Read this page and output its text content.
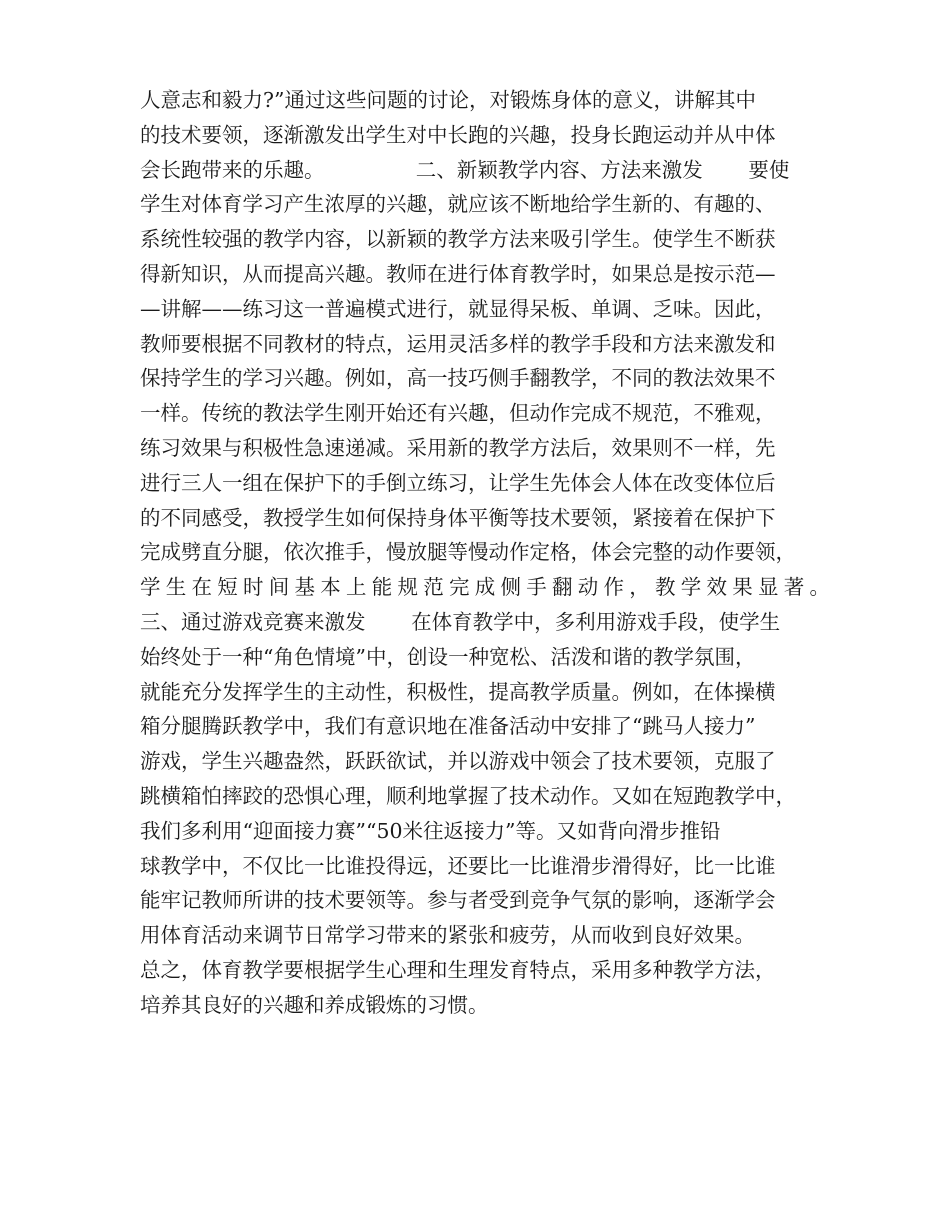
人意志和毅力?”通过这些问题的讨论，对锻炼身体的意义，讲解其中
的技术要领，逐渐激发出学生对中长跑的兴趣，投身长跑运动并从中体
会长跑带来的乐趣。              二、新颖教学内容、方法来激发       要使
学生对体育学习产生浓厚的兴趣，就应该不断地给学生新的、有趣的、
系统性较强的教学内容，以新颖的教学方法来吸引学生。使学生不断获
得新知识，从而提高兴趣。教师在进行体育教学时，如果总是按示范—
—讲解——练习这一普遍模式进行，就显得呆板、单调、乏味。因此，
教师要根据不同教材的特点，运用灵活多样的教学手段和方法来激发和
保持学生的学习兴趣。例如，高一技巧侧手翻教学，不同的教法效果不
一样。传统的教法学生刚开始还有兴趣，但动作完成不规范，不雅观，
练习效果与积极性急速递减。采用新的教学方法后，效果则不一样，先
进行三人一组在保护下的手倒立练习，让学生先体会人体在改变体位后
的不同感受，教授学生如何保持身体平衡等技术要领，紧接着在保护下
完成劈直分腿，依次推手，慢放腿等慢动作定格，体会完整的动作要领，
学生在短时间基本上能规范完成侧手翻动作，教学效果显著。
三、通过游戏竞赛来激发       在体育教学中，多利用游戏手段，使学生
始终处于一种“角色情境”中，创设一种宽松、活泼和谐的教学氛围，
就能充分发挥学生的主动性，积极性，提高教学质量。例如，在体操横
箱分腿腾跃教学中，我们有意识地在准备活动中安排了“跳马人接力”
游戏，学生兴趣盎然，跃跃欲试，并以游戏中领会了技术要领，克服了
跳横箱怕摔跤的恐惧心理，顺利地掌握了技术动作。又如在短跑教学中，
我们多利用“迎面接力赛”“50米往返接力”等。又如背向滑步推铅
球教学中，不仅比一比谁投得远，还要比一比谁滑步滑得好，比一比谁
能牢记教师所讲的技术要领等。参与者受到竞争气氛的影响，逐渐学会
用体育活动来调节日常学习带来的紧张和疲劳，从而收到良好效果。
总之，体育教学要根据学生心理和生理发育特点，采用多种教学方法，
培养其良好的兴趣和养成锻炼的习惯。
